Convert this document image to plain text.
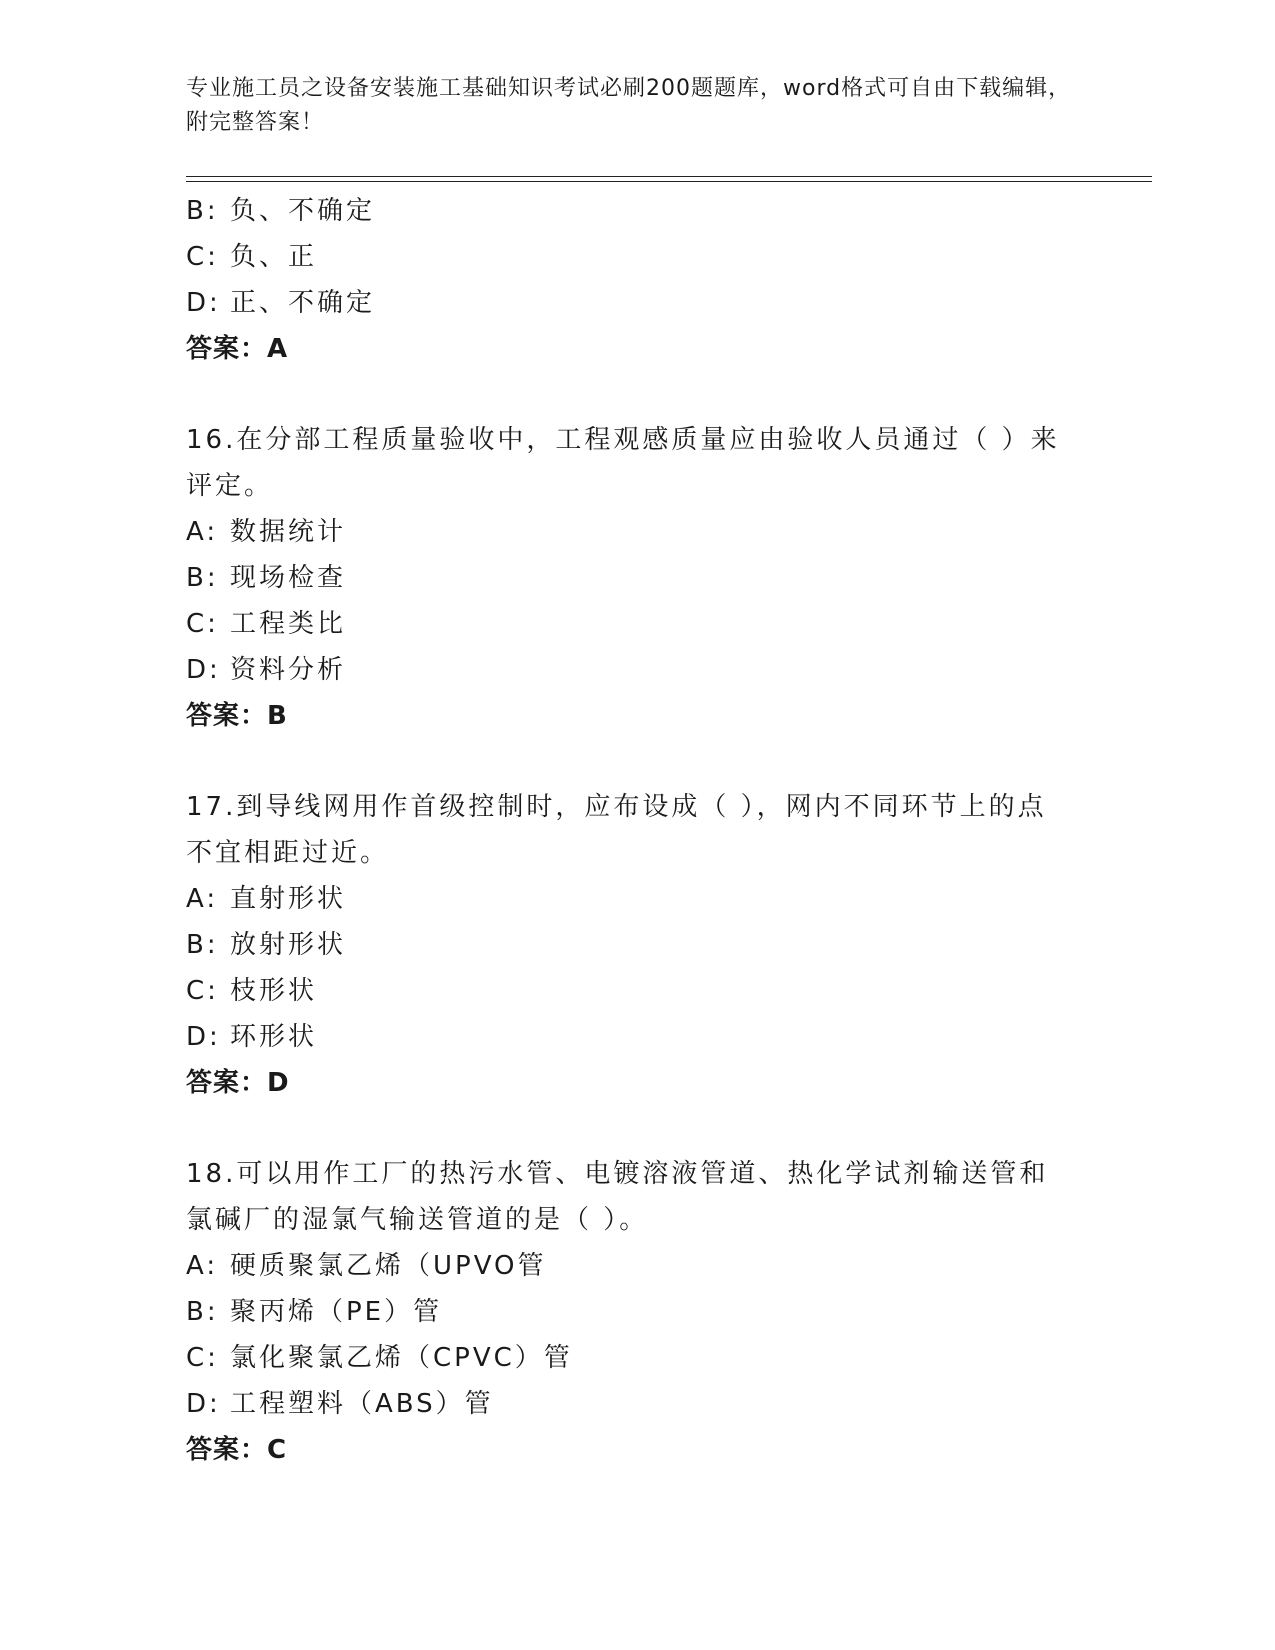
专业施工员之设备安装施工基础知识考试必刷200题题库，word格式可自由下载编辑，附完整答案！
B: 负、不确定
C: 负、正
D: 正、不确定
答案：A
16.在分部工程质量验收中，工程观感质量应由验收人员通过（ ）来评定。
A: 数据统计
B: 现场检查
C: 工程类比
D: 资料分析
答案：B
17.到导线网用作首级控制时，应布设成（ ），网内不同环节上的点不宜相距过近。
A: 直射形状
B: 放射形状
C: 枝形状
D: 环形状
答案：D
18.可以用作工厂的热污水管、电镀溶液管道、热化学试剂输送管和氯碱厂的湿氯气输送管道的是（ ）。
A: 硬质聚氯乙烯（UPVO管
B: 聚丙烯（PE）管
C: 氯化聚氯乙烯（CPVC）管
D: 工程塑料（ABS）管
答案：C
